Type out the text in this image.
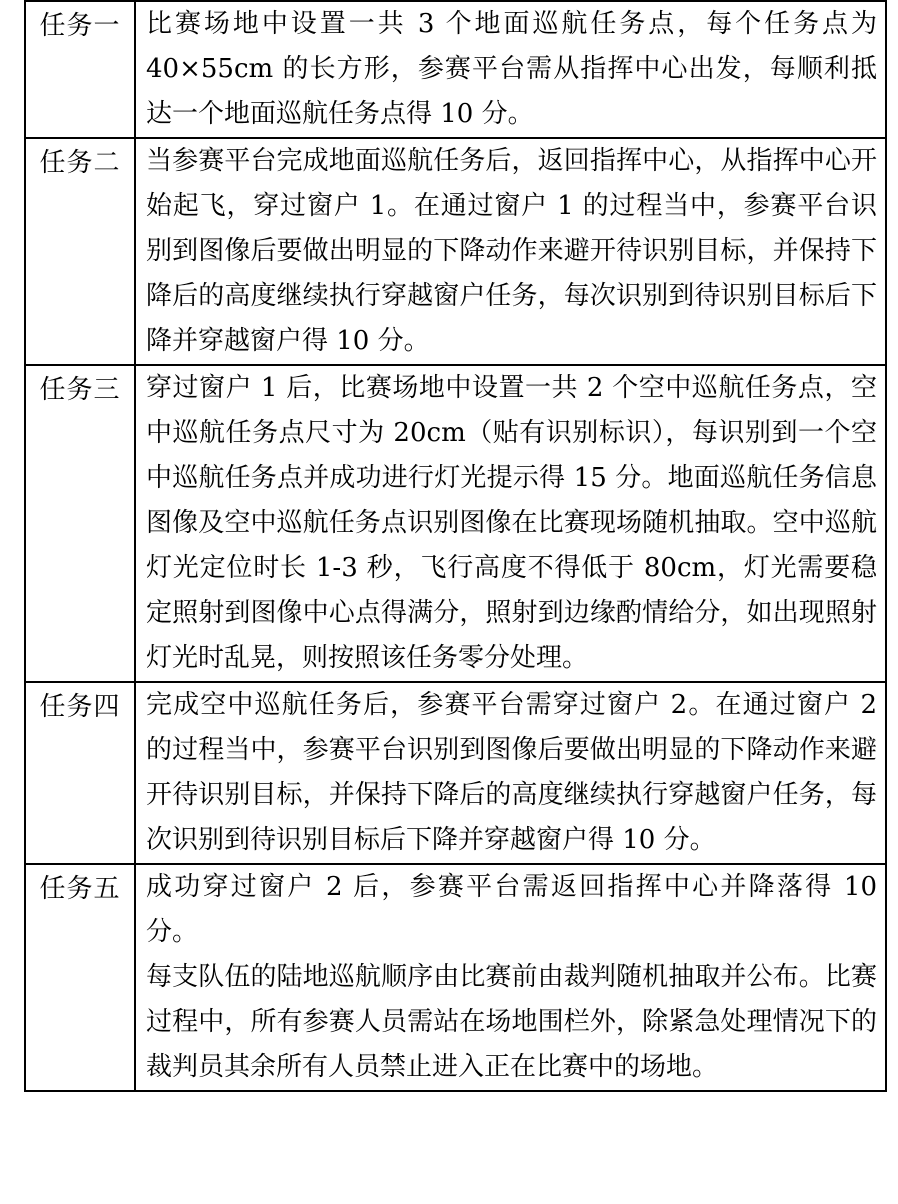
任务一	比赛场地中设置一共 3 个地面巡航任务点，每个任务点为 40×55cm 的长方形，参赛平台需从指挥中心出发，每顺利抵达一个地面巡航任务点得 10 分。

任务二	当参赛平台完成地面巡航任务后，返回指挥中心，从指挥中心开始起飞，穿过窗户 1。在通过窗户 1 的过程当中，参赛平台识别到图像后要做出明显的下降动作来避开待识别目标，并保持下降后的高度继续执行穿越窗户任务，每次识别到待识别目标后下降并穿越窗户得 10 分。

任务三	穿过窗户 1 后，比赛场地中设置一共 2 个空中巡航任务点，空中巡航任务点尺寸为 20cm（贴有识别标识），每识别到一个空中巡航任务点并成功进行灯光提示得 15 分。地面巡航任务信息图像及空中巡航任务点识别图像在比赛现场随机抽取。空中巡航灯光定位时长 1-3 秒，飞行高度不得低于 80cm，灯光需要稳定照射到图像中心点得满分，照射到边缘酌情给分，如出现照射灯光时乱晃，则按照该任务零分处理。

任务四	完成空中巡航任务后，参赛平台需穿过窗户 2。在通过窗户 2 的过程当中，参赛平台识别到图像后要做出明显的下降动作来避开待识别目标，并保持下降后的高度继续执行穿越窗户任务，每次识别到待识别目标后下降并穿越窗户得 10 分。

任务五	成功穿过窗户 2 后，参赛平台需返回指挥中心并降落得 10 分。

每支队伍的陆地巡航顺序由比赛前由裁判随机抽取并公布。比赛过程中，所有参赛人员需站在场地围栏外，除紧急处理情况下的裁判员其余所有人员禁止进入正在比赛中的场地。
